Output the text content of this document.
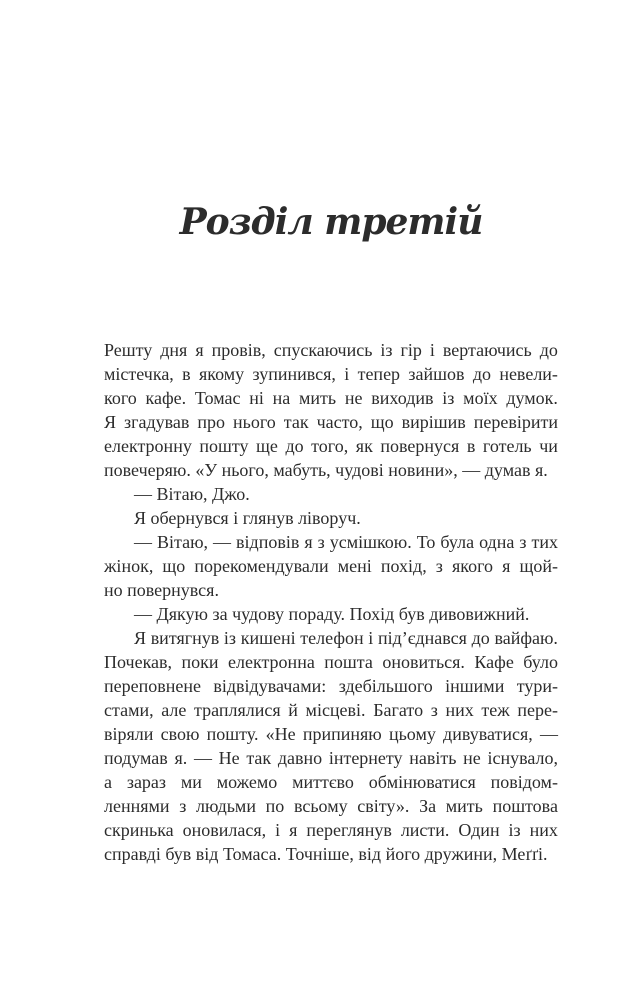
Розділ третій
Решту дня я провів, спускаючись із гір і вертаючись до
містечка, в якому зупинився, і тепер зайшов до невели-
кого кафе. Томас ні на мить не виходив із моїх думок.
Я згадував про нього так часто, що вирішив перевірити
електронну пошту ще до того, як повернуся в готель чи
повечеряю. «У нього, мабуть, чудові новини», — думав я.
— Вітаю, Джо.
Я обернувся і глянув ліворуч.
— Вітаю, — відповів я з усмішкою. То була одна з тих
жінок, що порекомендували мені похід, з якого я щой-
но повернувся.
— Дякую за чудову пораду. Похід був дивовижний.
Я витягнув із кишені телефон і під’єднався до вайфаю.
Почекав, поки електронна пошта оновиться. Кафе було
переповнене відвідувачами: здебільшого іншими тури-
стами, але траплялися й місцеві. Багато з них теж пере-
віряли свою пошту. «Не припиняю цьому дивуватися, —
подумав я. — Не так давно інтернету навіть не існувало,
а зараз ми можемо миттєво обмінюватися повідом-
леннями з людьми по всьому світу». За мить поштова
скринька оновилася, і я переглянув листи. Один із них
справді був від Томаса. Точніше, від його дружини, Меґґі.
